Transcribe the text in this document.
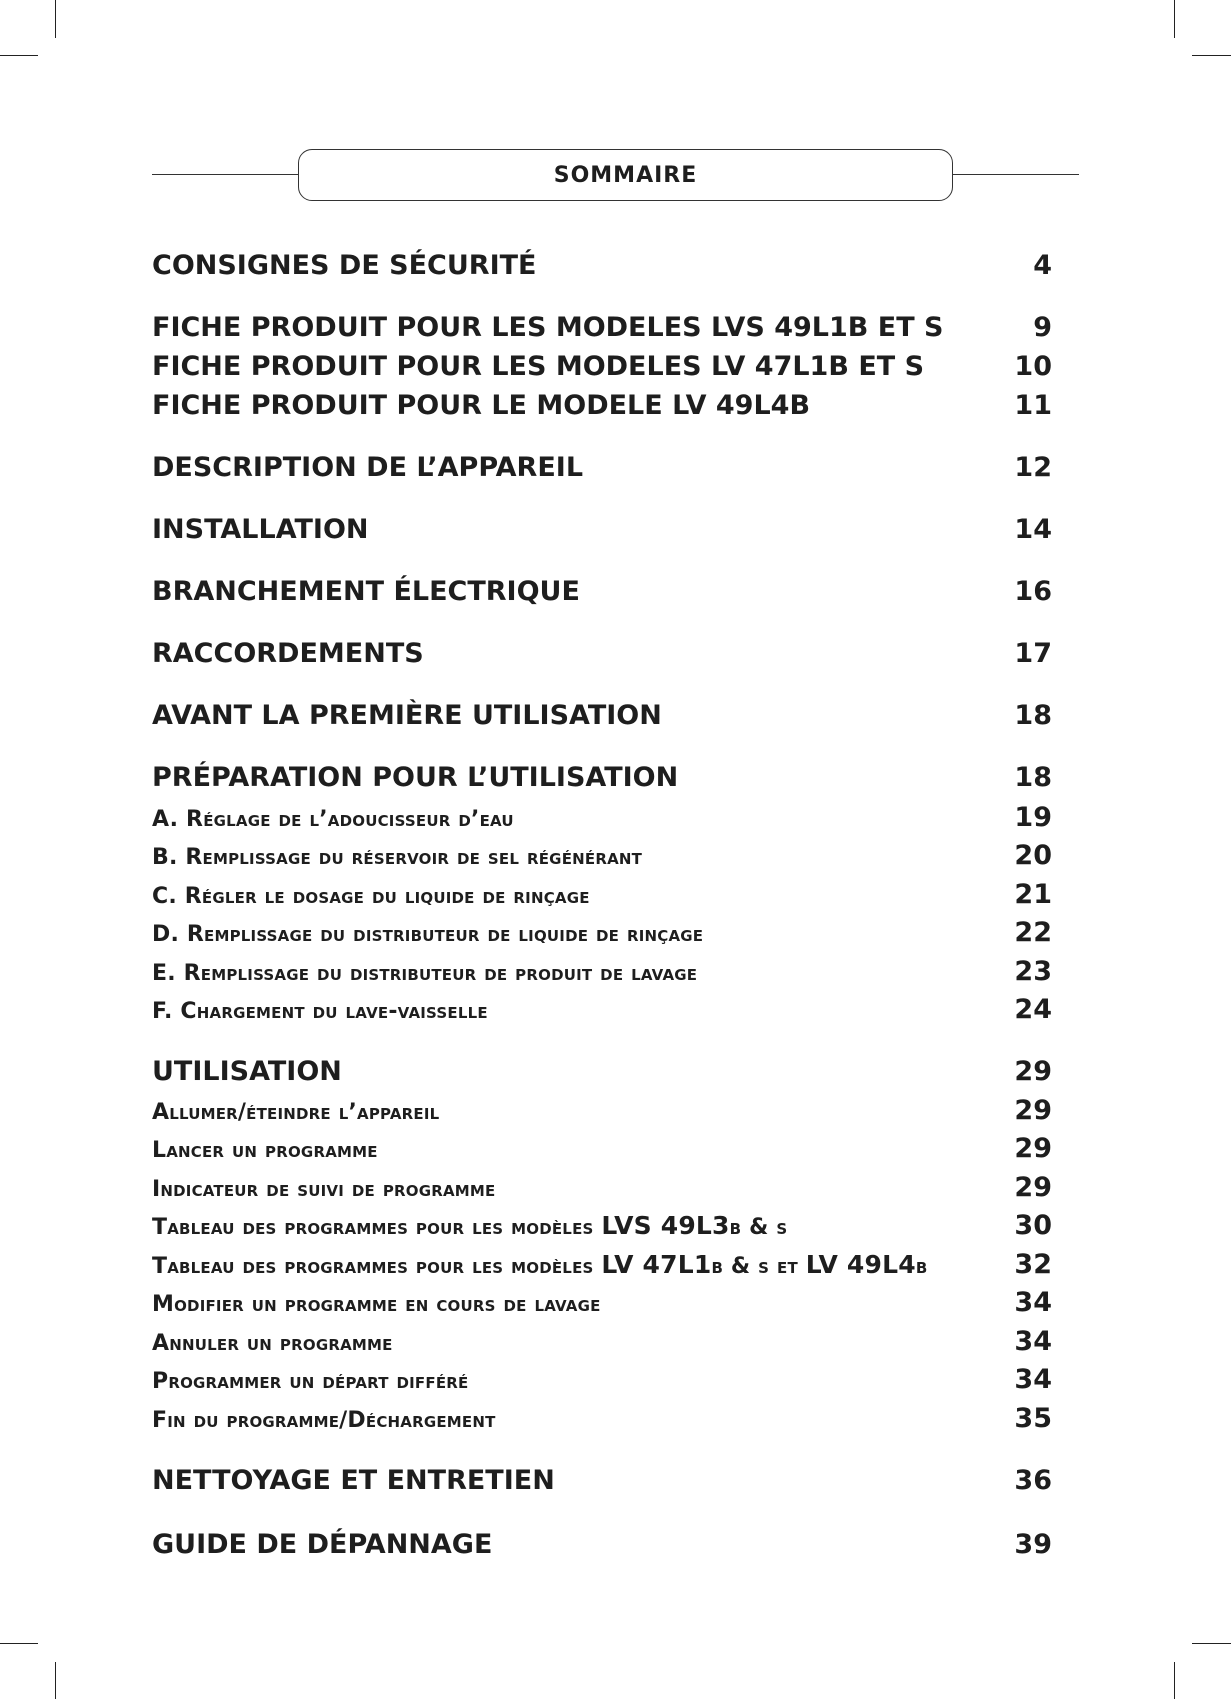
SOMMAIRE
CONSIGNES DE SÉCURITÉ	4
FICHE PRODUIT POUR LES MODELES LVS 49L1B ET S	9
FICHE PRODUIT POUR LES MODELES LV 47L1B ET S	10
FICHE PRODUIT POUR LE MODELE LV 49L4B	11
DESCRIPTION DE L’APPAREIL	12
INSTALLATION	14
BRANCHEMENT ÉLECTRIQUE	16
RACCORDEMENTS	17
AVANT LA PREMIÈRE UTILISATION	18
PRÉPARATION POUR L’UTILISATION	18
A. Réglage de l’adoucisseur d’eau	19
B. Remplissage du réservoir de sel régénérant	20
C. Régler le dosage du liquide de rinçage	21
D. Remplissage du distributeur de liquide de rinçage	22
E. Remplissage du distributeur de produit de lavage	23
F. Chargement du lave-vaisselle	24
UTILISATION	29
Allumer/éteindre l’appareil	29
Lancer un programme	29
Indicateur de suivi de programme	29
Tableau des programmes pour les modèles LVS 49L3b & s	30
Tableau des programmes pour les modèles LV 47L1b & s et LV 49L4b	32
Modifier un programme en cours de lavage	34
Annuler un programme	34
Programmer un départ différé	34
Fin du programme/Déchargement	35
NETTOYAGE ET ENTRETIEN	36
GUIDE DE DÉPANNAGE	39
